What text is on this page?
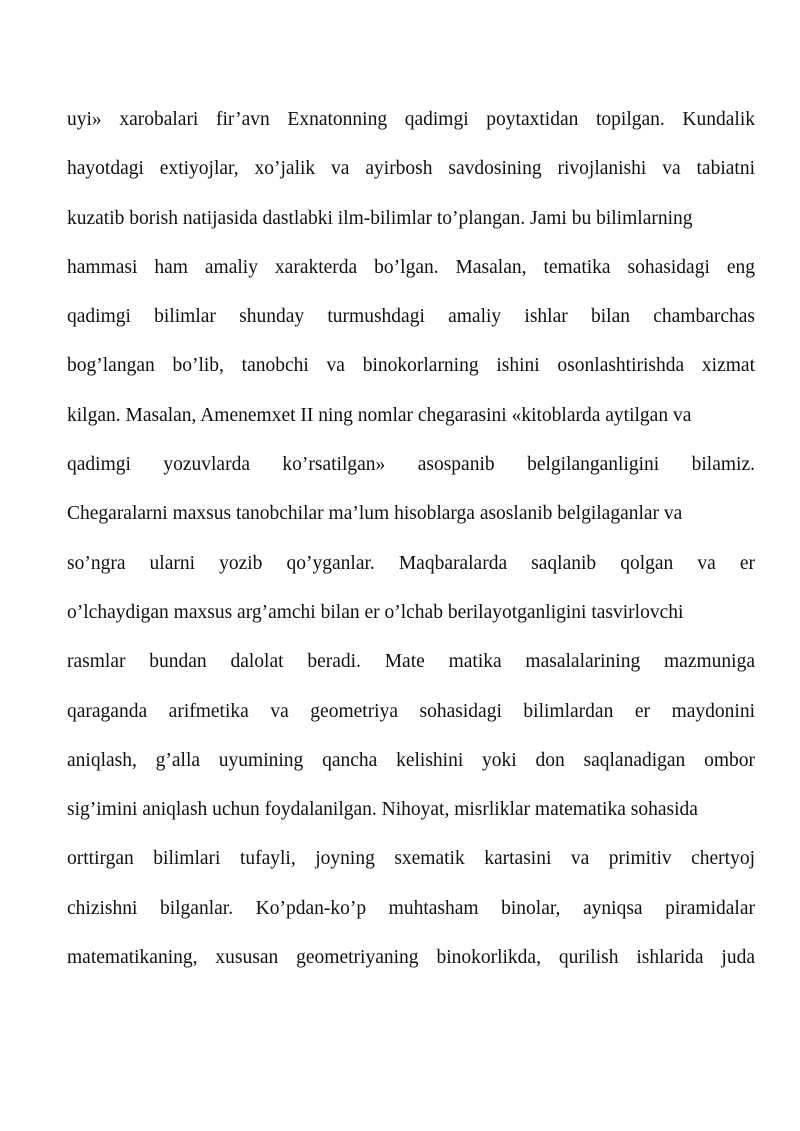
uyi» xarobalari fir’avn Exnatonning qadimgi poytaxtidan topilgan. Kundalik
hayotdagi extiyojlar, xo’jalik va ayirbosh savdosining rivojlanishi va tabiatni
kuzatib borish natijasida dastlabki ilm-bilimlar to’plangan. Jami bu bilimlarning
hammasi ham amaliy xarakterda bo’lgan. Masalan, tematika sohasidagi eng
qadimgi bilimlar shunday turmushdagi amaliy ishlar bilan chambarchas
bog’langan bo’lib, tanobchi va binokorlarning ishini osonlashtirishda xizmat
kilgan. Masalan, Amenemxet II ning nomlar chegarasini «kitoblarda aytilgan va
qadimgi yozuvlarda ko’rsatilgan» asospanib belgilanganligini bilamiz.
Chegaralarni maxsus tanobchilar ma’lum hisoblarga asoslanib belgilaganlar va
so’ngra ularni yozib qo’yganlar. Maqbaralarda saqlanib qolgan va er
o’lchaydigan maxsus arg’amchi bilan er o’lchab berilayotganligini tasvirlovchi
rasmlar bundan dalolat beradi. Mate matika masalalarining mazmuniga
qaraganda arifmetika va geometriya sohasidagi bilimlardan er maydonini
aniqlash, g’alla uyumining qancha kelishini yoki don saqlanadigan ombor
sig’imini aniqlash uchun foydalanilgan. Nihoyat, misrliklar matematika sohasida
orttirgan bilimlari tufayli, joyning sxematik kartasini va primitiv chertyoj
chizishni bilganlar. Ko’pdan-ko’p muhtasham binolar, ayniqsa piramidalar
matematikaning, xususan geometriyaning binokorlikda, qurilish ishlarida juda
